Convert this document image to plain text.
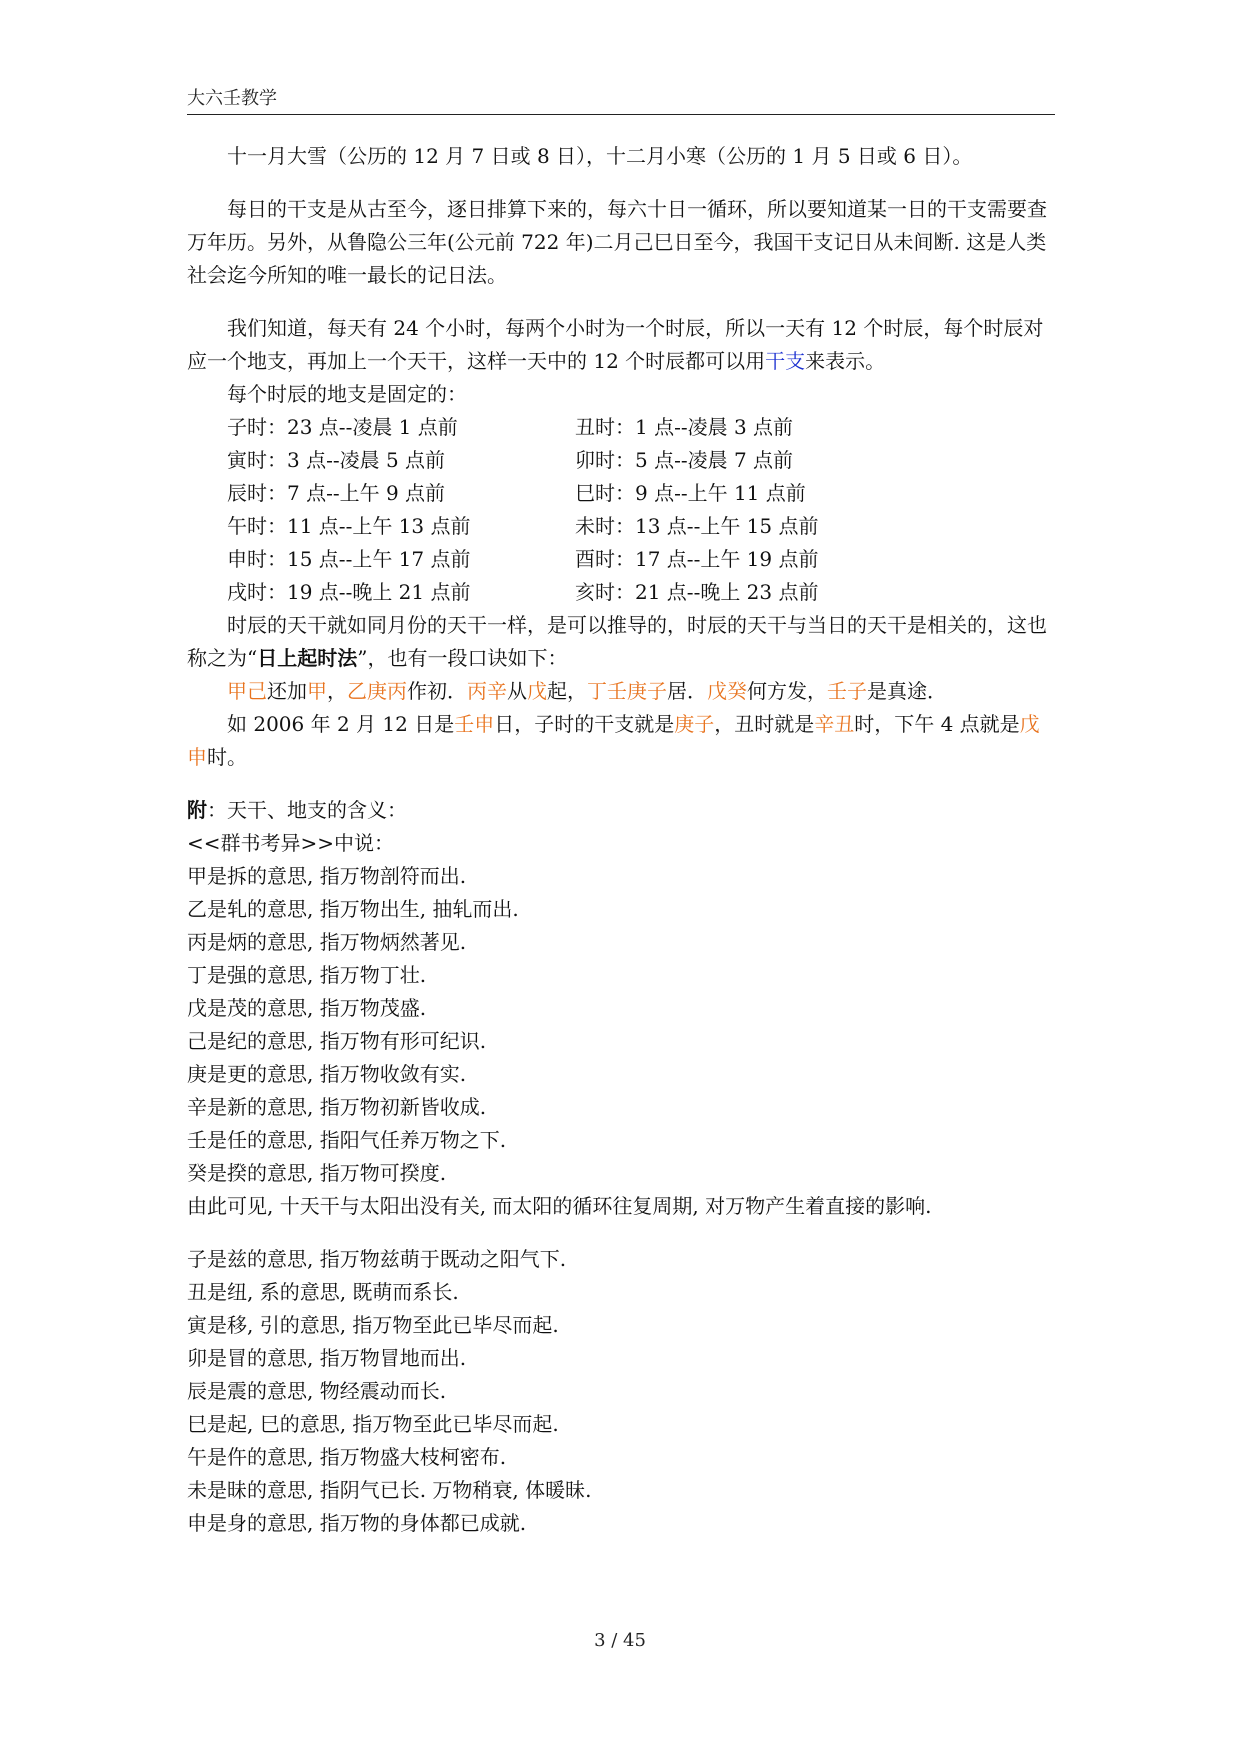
大六壬教学

十一月大雪（公历的 12 月 7 日或 8 日），十二月小寒（公历的 1 月 5 日或 6 日）。

每日的干支是从古至今，逐日排算下来的，每六十日一循环，所以要知道某一日的干支需要查万年历。另外，从鲁隐公三年(公元前 722 年)二月己巳日至今，我国干支记日从未间断. 这是人类社会迄今所知的唯一最长的记日法。

我们知道，每天有 24 个小时，每两个小时为一个时辰，所以一天有 12 个时辰，每个时辰对应一个地支，再加上一个天干，这样一天中的 12 个时辰都可以用干支来表示。

每个时辰的地支是固定的：

子时：23 点--凌晨 1 点前	丑时：1 点--凌晨 3 点前
寅时：3 点--凌晨 5 点前	卯时：5 点--凌晨 7 点前
辰时：7 点--上午 9 点前	巳时：9 点--上午 11 点前
午时：11 点--上午 13 点前	未时：13 点--上午 15 点前
申时：15 点--上午 17 点前	酉时：17 点--上午 19 点前
戌时：19 点--晚上 21 点前	亥时：21 点--晚上 23 点前

时辰的天干就如同月份的天干一样，是可以推导的，时辰的天干与当日的天干是相关的，这也称之为“日上起时法”，也有一段口诀如下：

甲己还加甲，乙庚丙作初．丙辛从戊起，丁壬庚子居．戊癸何方发，壬子是真途．

如 2006 年 2 月 12 日是壬申日，子时的干支就是庚子，丑时就是辛丑时，下午 4 点就是戊申时。

附：天干、地支的含义：

<<群书考异>>中说：

甲是拆的意思, 指万物剖符而出.

乙是轧的意思, 指万物出生, 抽轧而出.

丙是炳的意思, 指万物炳然著见.

丁是强的意思, 指万物丁壮.

戊是茂的意思, 指万物茂盛.

己是纪的意思, 指万物有形可纪识.

庚是更的意思, 指万物收敛有实.

辛是新的意思, 指万物初新皆收成.

壬是任的意思, 指阳气任养万物之下.

癸是揆的意思, 指万物可揆度.

由此可见, 十天干与太阳出没有关, 而太阳的循环往复周期, 对万物产生着直接的影响.

子是兹的意思, 指万物兹萌于既动之阳气下.

丑是纽, 系的意思, 既萌而系长.

寅是移, 引的意思, 指万物至此已毕尽而起.

卯是冒的意思, 指万物冒地而出.

辰是震的意思, 物经震动而长.

巳是起, 巳的意思, 指万物至此已毕尽而起.

午是仵的意思, 指万物盛大枝柯密布.

未是昧的意思, 指阴气已长. 万物稍衰, 体暖昧.

申是身的意思, 指万物的身体都已成就.

3 / 45
